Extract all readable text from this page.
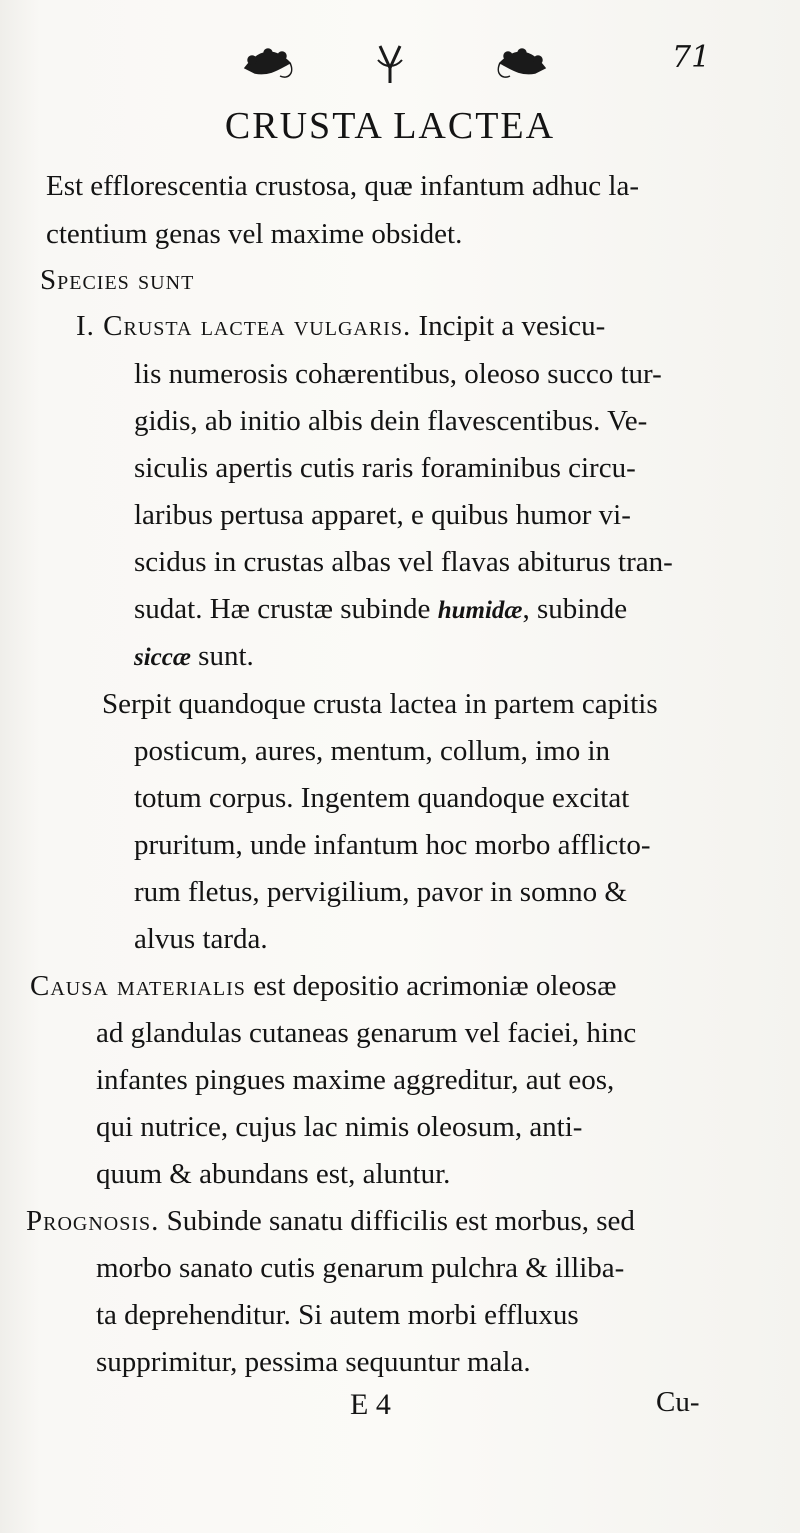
71
CRUSTA LACTEA
Est efflorescentia crustosa, quæ infantum adhuc la-
ctentium genas vel maxime obsidet.
Species sunt
I. Crusta lactea vulgaris. Incipit a vesicu-
lis numerosis cohærentibus, oleoso succo tur-
gidis, ab initio albis dein flavescentibus. Ve-
siculis apertis cutis raris foraminibus circu-
laribus pertusa apparet, e quibus humor vi-
scidus in crustas albas vel flavas abiturus tran-
sudat. Hæ crustæ subinde humidæ, subinde
siccæ sunt.
Serpit quandoque crusta lactea in partem capitis
posticum, aures, mentum, collum, imo in
totum corpus. Ingentem quandoque excitat
pruritum, unde infantum hoc morbo afflicto-
rum fletus, pervigilium, pavor in somno &
alvus tarda.
Causa materialis est depositio acrimoniæ oleosæ
ad glandulas cutaneas genarum vel faciei, hinc
infantes pingues maxime aggreditur, aut eos,
qui nutrice, cujus lac nimis oleosum, anti-
quum & abundans est, aluntur.
Prognosis. Subinde sanatu difficilis est morbus, sed
morbo sanato cutis genarum pulchra & illiba-
ta deprehenditur. Si autem morbi effluxus
supprimitur, pessima sequuntur mala.
E 4	Cu-
